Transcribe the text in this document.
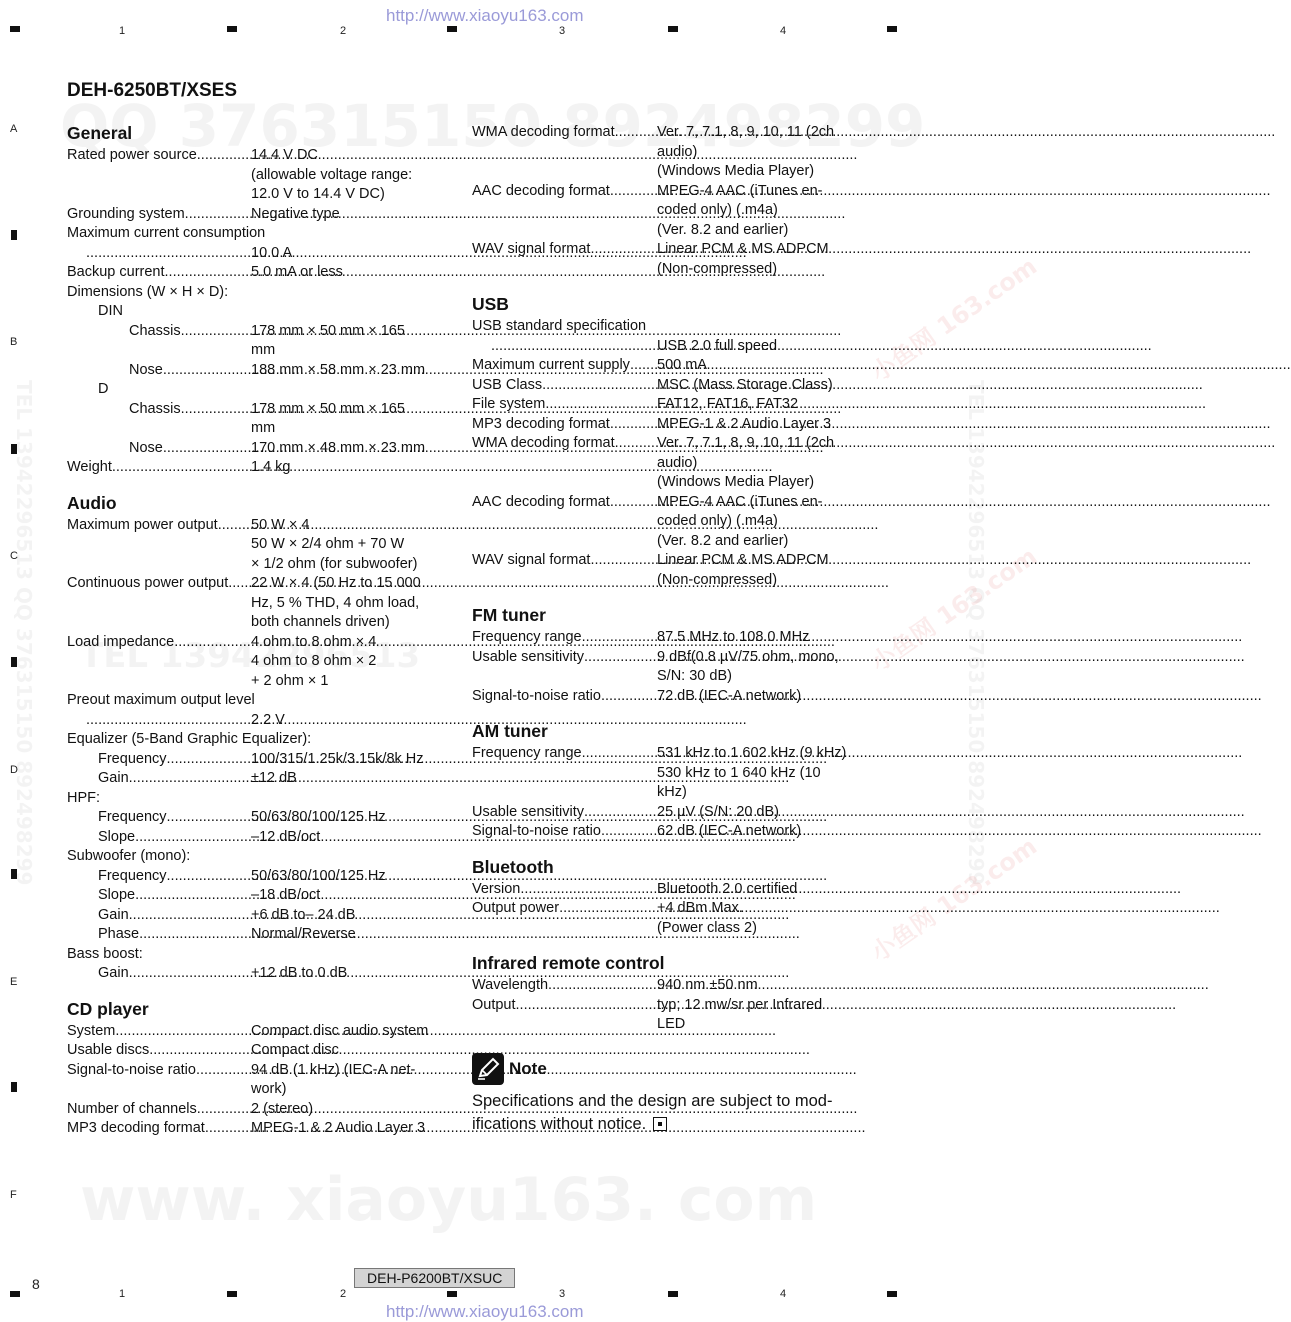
http://www.xiaoyu163.com
1	2	3	4
A
B
C
D
E
F
小鱼网 163.com
小鱼网 163.com
小鱼网 163.com
DEH-6250BT/XSES
General
Rated power source .....	14.4 V DC
(allowable voltage range:
12.0 V to 14.4 V DC)
Grounding system .....	Negative type
Maximum current consumption
.....
10.0 A
Backup current .....	5.0 mA or less
Dimensions (W × H × D):
DIN
Chassis .....	178 mm × 50 mm × 165
mm
Nose .....	188 mm × 58 mm × 23 mm
D
Chassis .....	178 mm × 50 mm × 165
mm
Nose .....	170 mm × 48 mm × 23 mm
Weight .....	1.4 kg
Audio
Maximum power output ..... 50 W × 4
50 W × 2/4 ohm + 70 W
× 1/2 ohm (for subwoofer)
Continuous power output ..... 22 W × 4 (50 Hz to 15 000
Hz, 5 % THD, 4 ohm load,
both channels driven)
Load impedance .....	4 ohm to 8 ohm × 4
4 ohm to 8 ohm × 2
+ 2 ohm × 1
Preout maximum output level
.....
2.2 V
Equalizer (5-Band Graphic Equalizer):
Frequency .....	100/315/1.25k/3.15k/8k Hz
Gain .....	±12 dB
HPF:
Frequency .....	50/63/80/100/125 Hz
Slope .....	–12 dB/oct
Subwoofer (mono):
Frequency .....	50/63/80/100/125 Hz
Slope .....	–18 dB/oct
Gain .....	+6 dB to– 24 dB
Phase .....	Normal/Reverse
Bass boost:
Gain .....	+12 dB to 0 dB
CD player
System .....	Compact disc audio system
Usable discs .....	Compact disc
Signal-to-noise ratio .....	94 dB (1 kHz) (IEC-A net-
work)
Number of channels .....	2 (stereo)
MP3 decoding format .....	MPEG-1 & 2 Audio Layer 3
WMA decoding format .....	Ver. 7, 7.1, 8, 9, 10, 11 (2ch
audio)
(Windows Media Player)
AAC decoding format .....	MPEG-4 AAC (iTunes en-
coded only) (.m4a)
(Ver. 8.2 and earlier)
WAV signal format .....	Linear PCM & MS ADPCM
(Non-compressed)
USB
USB standard specification
.....
USB 2.0 full speed
Maximum current supply ..... 500 mA
USB Class .....	MSC (Mass Storage Class)
File system .....	FAT12, FAT16, FAT32
MP3 decoding format .....	MPEG-1 & 2 Audio Layer 3
WMA decoding format .....	Ver. 7, 7.1, 8, 9, 10, 11 (2ch
audio)
(Windows Media Player)
AAC decoding format .....	MPEG-4 AAC (iTunes en-
coded only) (.m4a)
(Ver. 8.2 and earlier)
WAV signal format .....	Linear PCM & MS ADPCM
(Non-compressed)
FM tuner
Frequency range .....	87.5 MHz to 108.0 MHz
Usable sensitivity .....	9 dBf(0.8 µV/75 ohm, mono,
S/N: 30 dB)
Signal-to-noise ratio .....	72 dB (IEC-A network)
AM tuner
Frequency range .....	531 kHz to 1 602 kHz (9 kHz)
530 kHz to 1 640 kHz (10
kHz)
Usable sensitivity .....	25 µV (S/N: 20 dB)
Signal-to-noise ratio .....	62 dB (IEC-A network)
Bluetooth
Version .....	Bluetooth 2.0 certified
Output power .....	+4 dBm Max.
(Power class 2)
Infrared remote control
Wavelength .....	940 nm ±50 nm
Output .....	typ; 12 mw/sr per Infrared
LED
Note
Specifications and the design are subject to mod-ifications without notice.
8
1	2	3	4
DEH-P6200BT/XSUC
http://www.xiaoyu163.com
